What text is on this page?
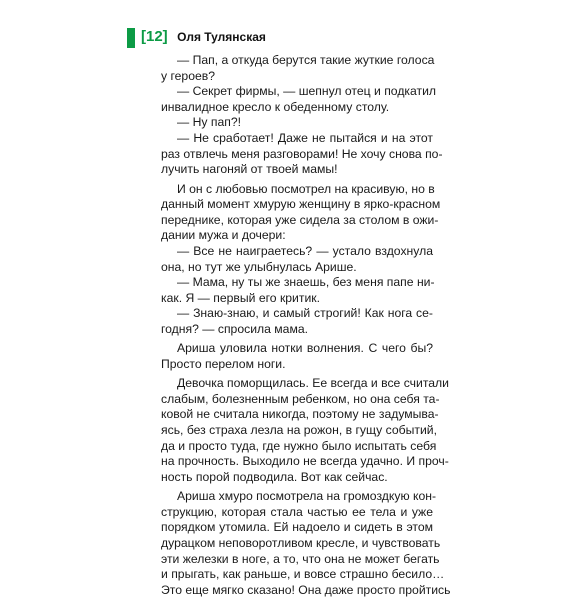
[12] Оля Тулянская
— Пап, а откуда берутся такие жуткие голоса
у героев?
— Секрет фирмы, — шепнул отец и подкатил
инвалидное кресло к обеденному столу.
— Ну пап?!
— Не сработает! Даже не пытайся и на этот
раз отвлечь меня разговорами! Не хочу снова по-
лучить нагоняй от твоей мамы!
И он с любовью посмотрел на красивую, но в
данный момент хмурую женщину в ярко-красном
переднике, которая уже сидела за столом в ожи-
дании мужа и дочери:
— Все не наиграетесь? — устало вздохнула
она, но тут же улыбнулась Арише.
— Мама, ну ты же знаешь, без меня папе ни-
как. Я — первый его критик.
— Знаю-знаю, и самый строгий! Как нога се-
годня? — спросила мама.
Ариша уловила нотки волнения. С чего бы?
Просто перелом ноги.
Девочка поморщилась. Ее всегда и все считали
слабым, болезненным ребенком, но она себя та-
ковой не считала никогда, поэтому не задумыва-
ясь, без страха лезла на рожон, в гущу событий,
да и просто туда, где нужно было испытать себя
на прочность. Выходило не всегда удачно. И проч-
ность порой подводила. Вот как сейчас.
Ариша хмуро посмотрела на громоздкую кон-
струкцию, которая стала частью ее тела и уже
порядком утомила. Ей надоело и сидеть в этом
дурацком неповоротливом кресле, и чувствовать
эти железки в ноге, а то, что она не может бегать
и прыгать, как раньше, и вовсе страшно бесило…
Это еще мягко сказано! Она даже просто пройтись
